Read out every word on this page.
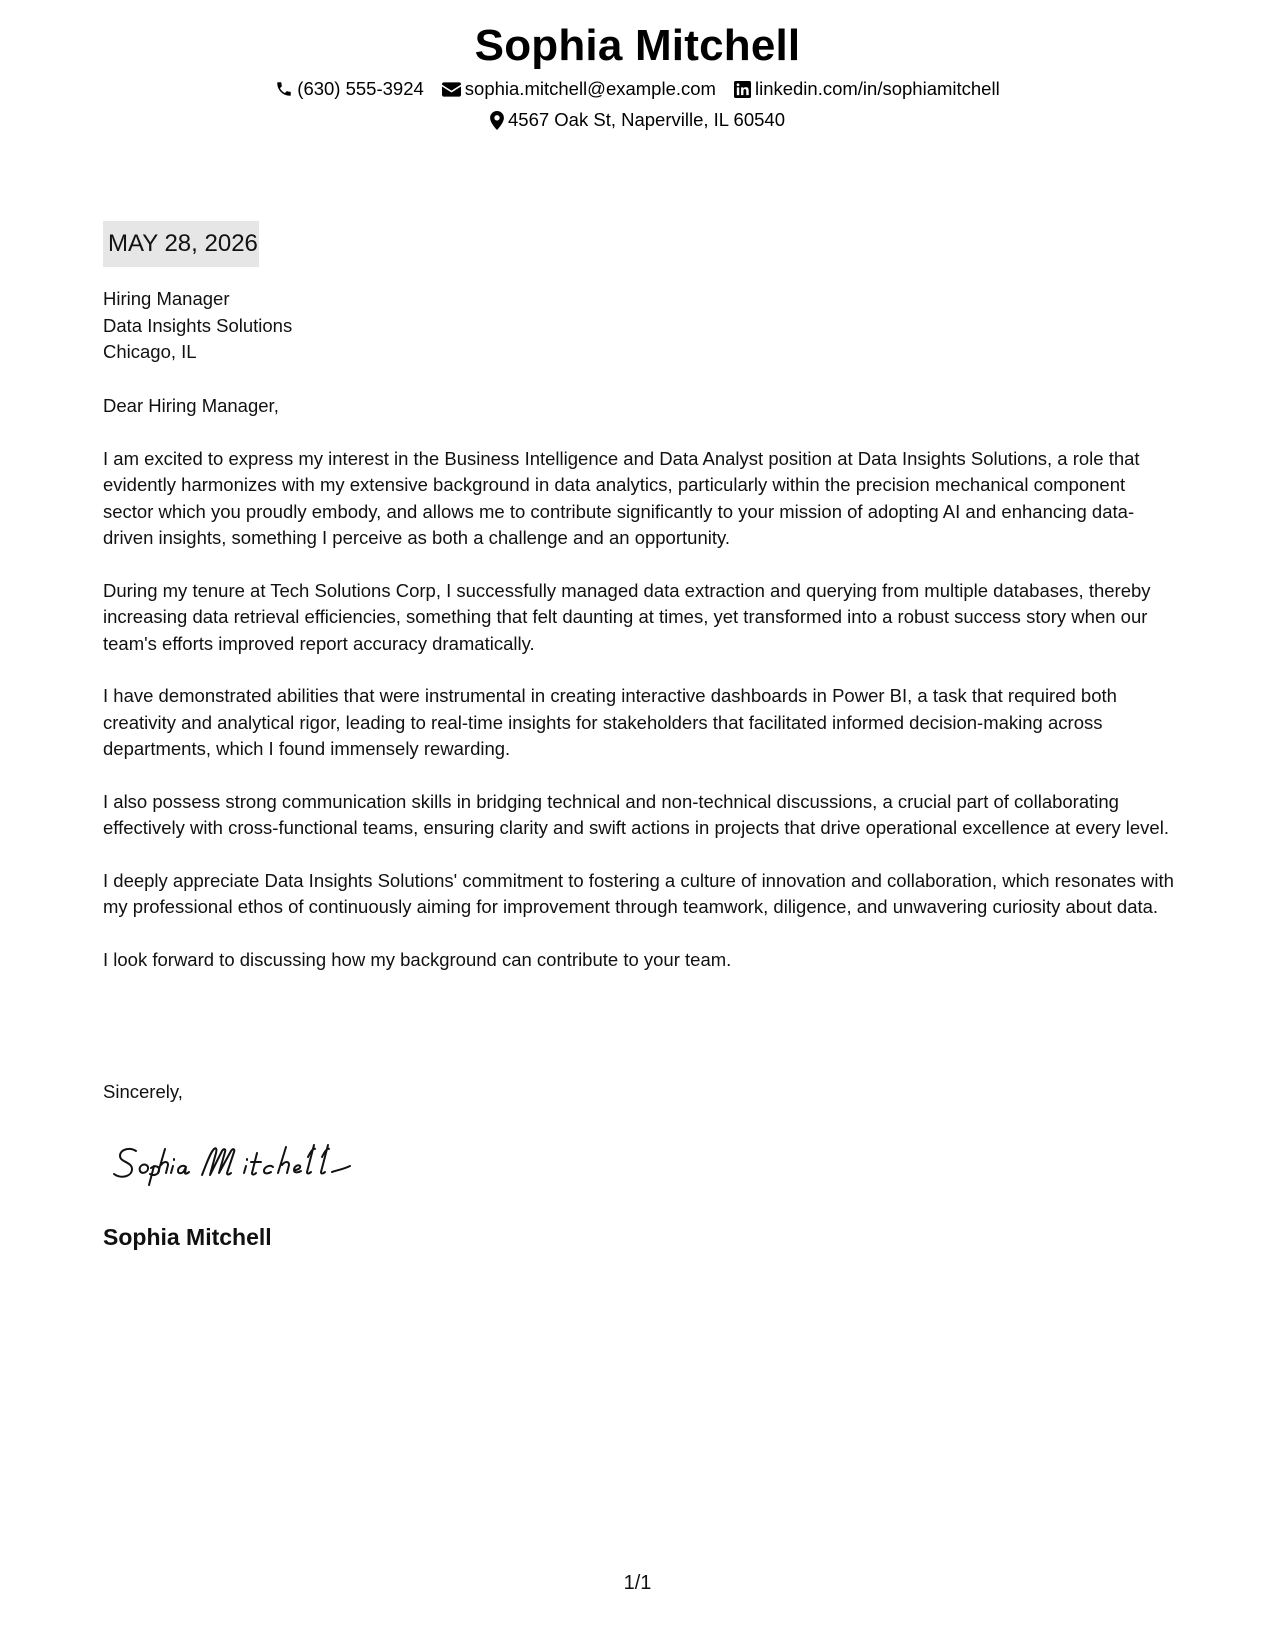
Sophia Mitchell
(630) 555-3924 sophia.mitchell@example.com linkedin.com/in/sophiamitchell
4567 Oak St, Naperville, IL 60540
MAY 28, 2026
Hiring Manager
Data Insights Solutions
Chicago, IL

Dear Hiring Manager,

I am excited to express my interest in the Business Intelligence and Data Analyst position at Data Insights Solutions, a role that evidently harmonizes with my extensive background in data analytics, particularly within the precision mechanical component sector which you proudly embody, and allows me to contribute significantly to your mission of adopting AI and enhancing data-driven insights, something I perceive as both a challenge and an opportunity.

During my tenure at Tech Solutions Corp, I successfully managed data extraction and querying from multiple databases, thereby increasing data retrieval efficiencies, something that felt daunting at times, yet transformed into a robust success story when our team's efforts improved report accuracy dramatically.

I have demonstrated abilities that were instrumental in creating interactive dashboards in Power BI, a task that required both creativity and analytical rigor, leading to real-time insights for stakeholders that facilitated informed decision-making across departments, which I found immensely rewarding.

I also possess strong communication skills in bridging technical and non-technical discussions, a crucial part of collaborating effectively with cross-functional teams, ensuring clarity and swift actions in projects that drive operational excellence at every level.

I deeply appreciate Data Insights Solutions' commitment to fostering a culture of innovation and collaboration, which resonates with my professional ethos of continuously aiming for improvement through teamwork, diligence, and unwavering curiosity about data.

I look forward to discussing how my background can contribute to your team.

Sincerely,
Sophia Mitchell
1/1
